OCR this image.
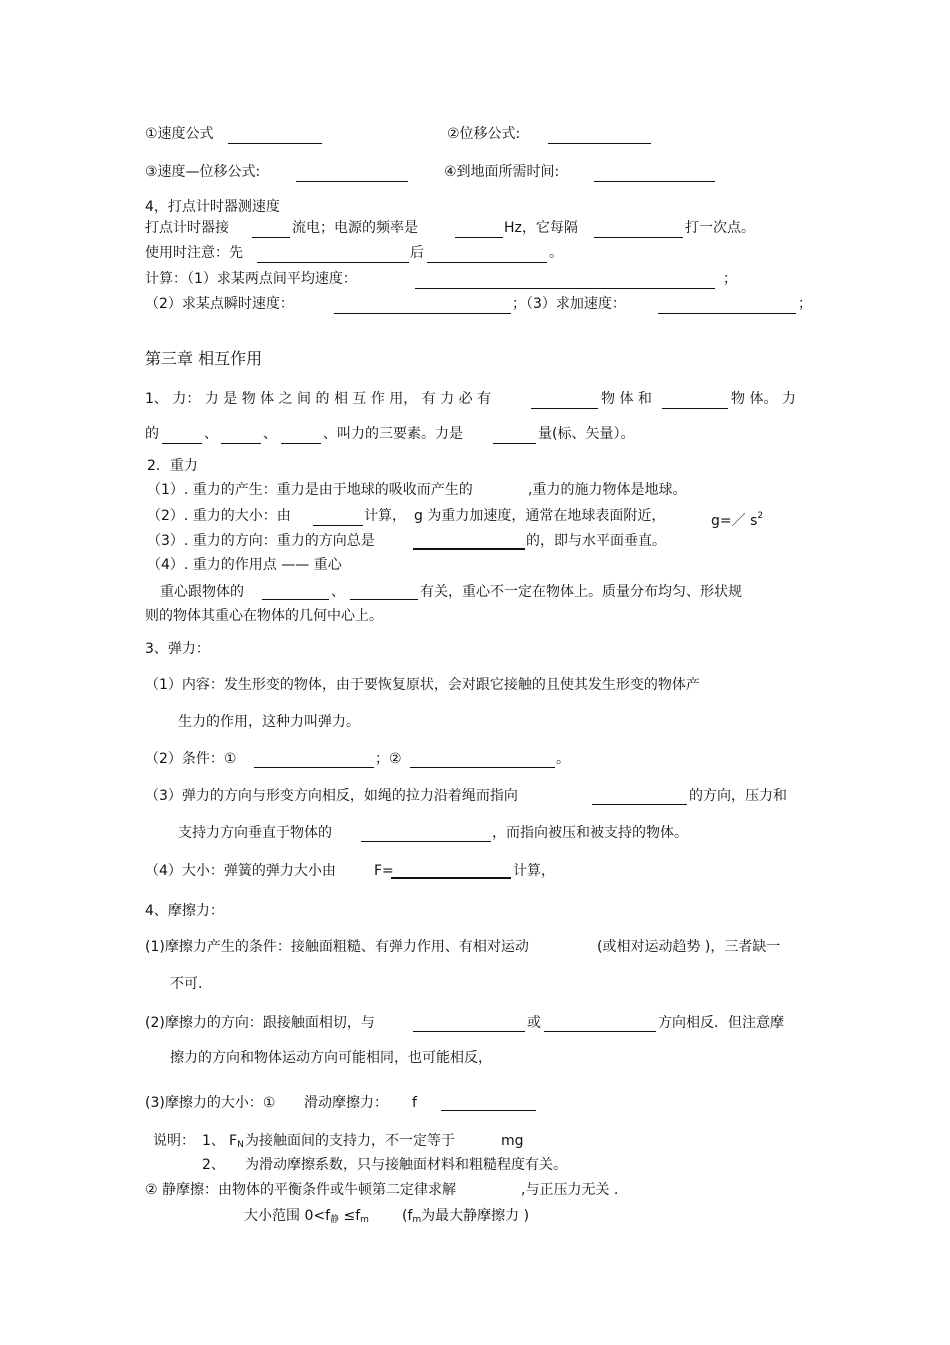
①速度公式	②位移公式:
③速度—位移公式:	④到地面所需时间:
4，打点计时器测速度
打点计时器接	流电；电源的频率是	Hz，它每隔	打一次点。
使用时注意：先	后	。
计算：（1）求某两点间平均速度：	；
（2）求某点瞬时速度：	；（3）求加速度：	；
第三章 相互作用
1、 力： 力 是 物 体 之 间 的 相 互 作 用， 有 力 必 有	物 体 和	物 体。 力
的	、	、	、叫力的三要素。力是	量(标、矢量）。
2．重力
（1）. 重力的产生：重力是由于地球的吸收而产生的	,重力的施力物体是地球。
（2）. 重力的大小：由	计算， g 为重力加速度，通常在地球表面附近，	g=／ $s^2$
（3）. 重力的方向：重力的方向总是	的，即与水平面垂直。
（4）. 重力的作用点 —— 重心
重心跟物体的	、	有关，重心不一定在物体上。质量分布均匀、形状规
则的物体其重心在物体的几何中心上。
3、弹力：
（1）内容：发生形变的物体，由于要恢复原状，会对跟它接触的且使其发生形变的物体产
生力的作用，这种力叫弹力。
（2）条件：①	；②	。
（3）弹力的方向与形变方向相反，如绳的拉力沿着绳而指向	的方向，压力和
支持力方向垂直于物体的	，而指向被压和被支持的物体。
（4）大小：弹簧的弹力大小由	F=	计算，
4、摩擦力：
(1)摩擦力产生的条件：接触面粗糙、有弹力作用、有相对运动	(或相对运动趋势 )，三者缺一
不可.
(2)摩擦力的方向：跟接触面相切，与	或	方向相反．但注意摩
擦力的方向和物体运动方向可能相同，也可能相反，
(3)摩擦力的大小：① 滑动摩擦力： f
说明： 1、 $F_N$ 为接触面间的支持力，不一定等于	mg
2、 为滑动摩擦系数，只与接触面材料和粗糙程度有关。
② 静摩擦：由物体的平衡条件或牛顿第二定律求解	,与正压力无关 .
大小范围 $0<f_静 \le f_m$ ($f_m$为最大静摩擦力 )
